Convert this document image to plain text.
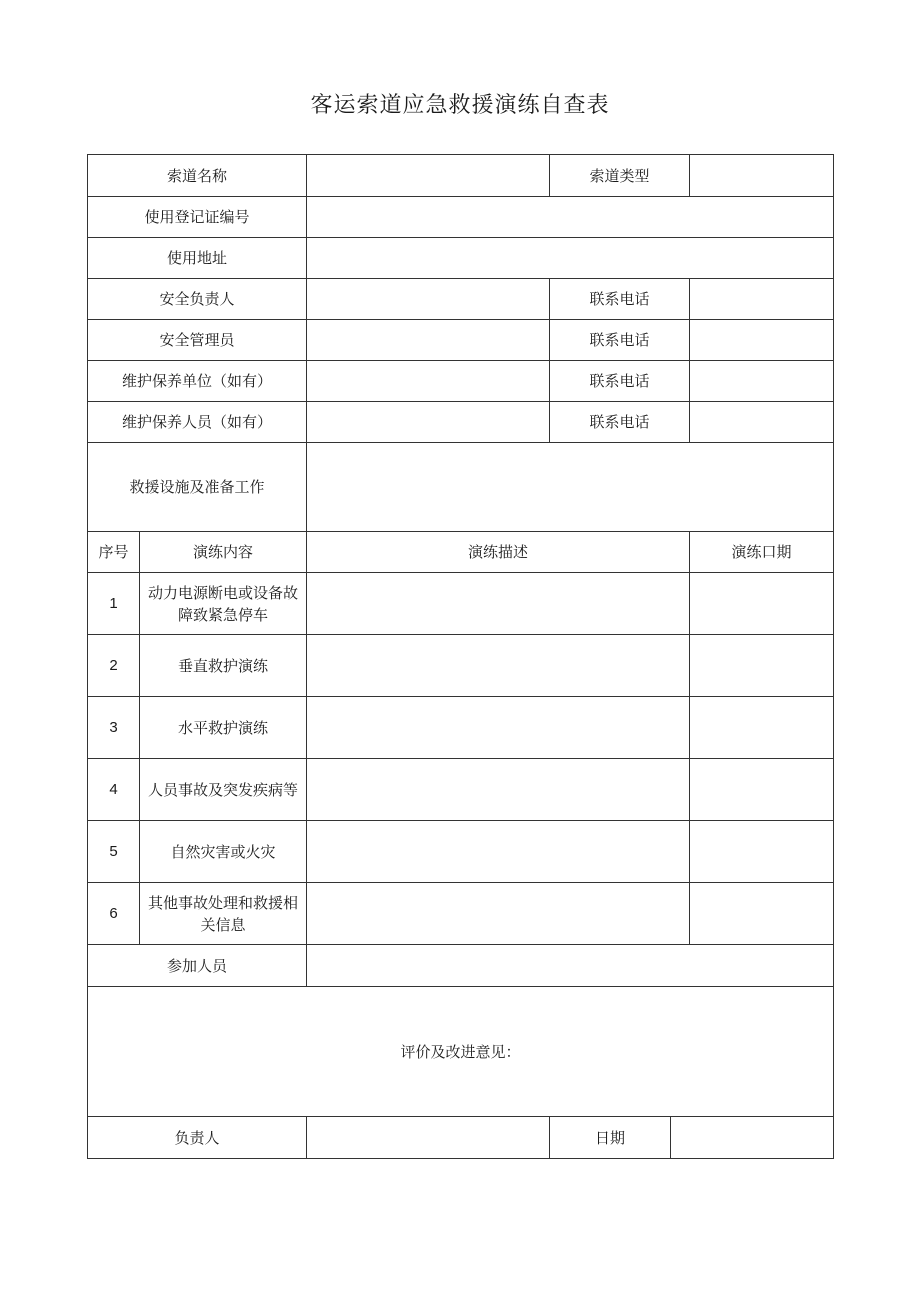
客运索道应急救援演练自查表
索道名称			索道类型		
使用登记证编号					
使用地址					
安全负责人			联系电话		
安全管理员			联系电话		
维护保养单位（如有）			联系电话		
维护保养人员（如有）			联系电话		
救援设施及准备工作					
序号	演练内容	演练描述			演练口期
1	动力电源断电或设备故障致紧急停车				

2	垂直救护演练				

3	水平救护演练				

4	人员事故及突发疾病等				

5	自然灾害或火灾				

6	其他事故处理和救援相关信息				

参加人员					
评价及改进意见：					
负责人			日期		
